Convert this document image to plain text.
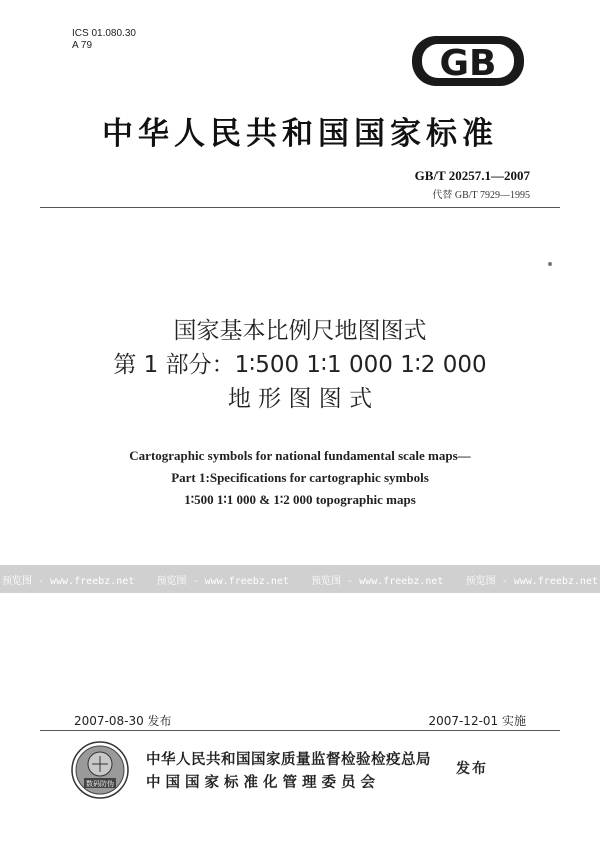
ICS 01.080.30
A 79	GB
中华人民共和国国家标准
GB/T 20257.1—2007
代替 GB/T 7929—1995
国家基本比例尺地图图式
第 1 部分：1∶500 1∶1 000 1∶2 000
地 形 图 图 式
Cartographic symbols for national fundamental scale maps—
Part 1:Specifications for cartographic symbols
1∶500 1∶1 000 & 1∶2 000 topographic maps
预览图 - www.freebz.net 预览图 - www.freebz.net 预览图 - www.freebz.net 预览图 - www.freebz.net
2007-08-30 发布	2007-12-01 实施
数码防伪
中华人民共和国国家质量监督检验检疫总局
中国国家标准化管理委员会
发布
